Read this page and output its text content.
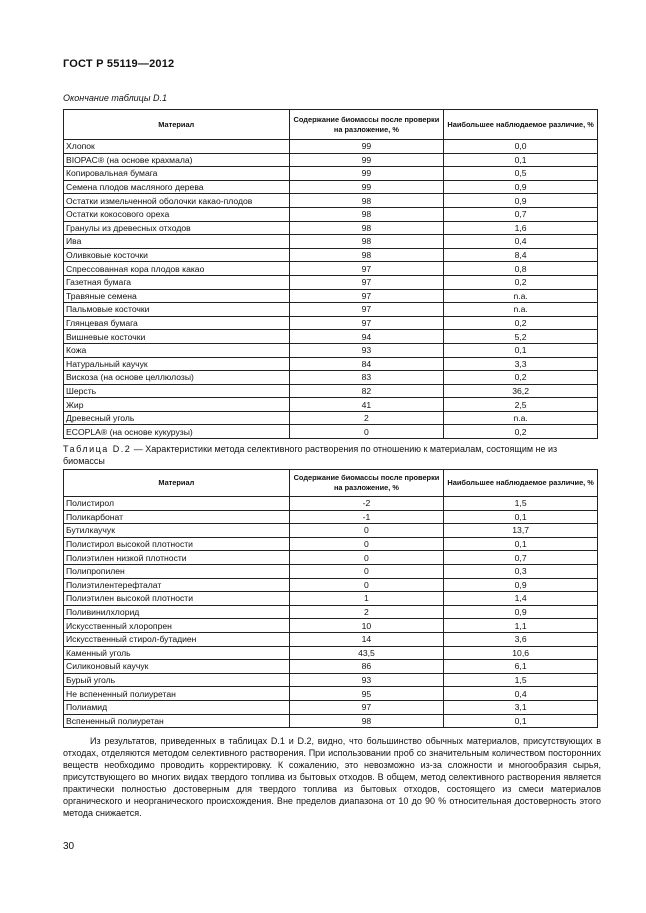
ГОСТ Р 55119—2012
Окончание таблицы D.1
Материал	Содержание биомассы после проверки на разложение, %	Наибольшее наблюдаемое различие, %
Хлопок	99	0,0
BIOPAC® (на основе крахмала)	99	0,1
Копировальная бумага	99	0,5
Семена плодов масляного дерева	99	0,9
Остатки измельченной оболочки какао-плодов	98	0,9
Остатки кокосового ореха	98	0,7
Гранулы из древесных отходов	98	1,6
Ива	98	0,4
Оливковые косточки	98	8,4
Спрессованная кора плодов какао	97	0,8
Газетная бумага	97	0,2
Травяные семена	97	n.a.
Пальмовые косточки	97	n.a.
Глянцевая бумага	97	0,2
Вишневые косточки	94	5,2
Кожа	93	0,1
Натуральный каучук	84	3,3
Вискоза (на основе целлюлозы)	83	0,2
Шерсть	82	36,2
Жир	41	2,5
Древесный уголь	2	n.a.
ECOPLA® (на основе кукурузы)	0	0,2
Таблица D.2 — Характеристики метода селективного растворения по отношению к материалам, состоящим не из биомассы
Материал	Содержание биомассы после проверки на разложение, %	Наибольшее наблюдаемое различие, %
Полистирол	-2	1,5
Поликарбонат	-1	0,1
Бутилкаучук	0	13,7
Полистирол высокой плотности	0	0,1
Полиэтилен низкой плотности	0	0,7
Полипропилен	0	0,3
Полиэтилентерефталат	0	0,9
Полиэтилен высокой плотности	1	1,4
Поливинилхлорид	2	0,9
Искусственный хлоропрен	10	1,1
Искусственный стирол-бутадиен	14	3,6
Каменный уголь	43,5	10,6
Силиконовый каучук	86	6,1
Бурый уголь	93	1,5
Не вспененный полиуретан	95	0,4
Полиамид	97	3,1
Вспененный полиуретан	98	0,1

Из результатов, приведенных в таблицах D.1 и D.2, видно, что большинство обычных материалов, присутствующих в отходах, отделяются методом селективного растворения. При использовании проб со значительным количеством посторонних веществ необходимо проводить корректировку. К сожалению, это невозможно из-за сложности и многообразия сырья, присутствующего во многих видах твердого топлива из бытовых отходов. В общем, метод селективного растворения является практически полностью достоверным для твердого топлива из бытовых отходов, состоящего из смеси материалов органического и неорганического происхождения. Вне пределов диапазона от 10 до 90 % относительная достоверность этого метода снижается.

30
